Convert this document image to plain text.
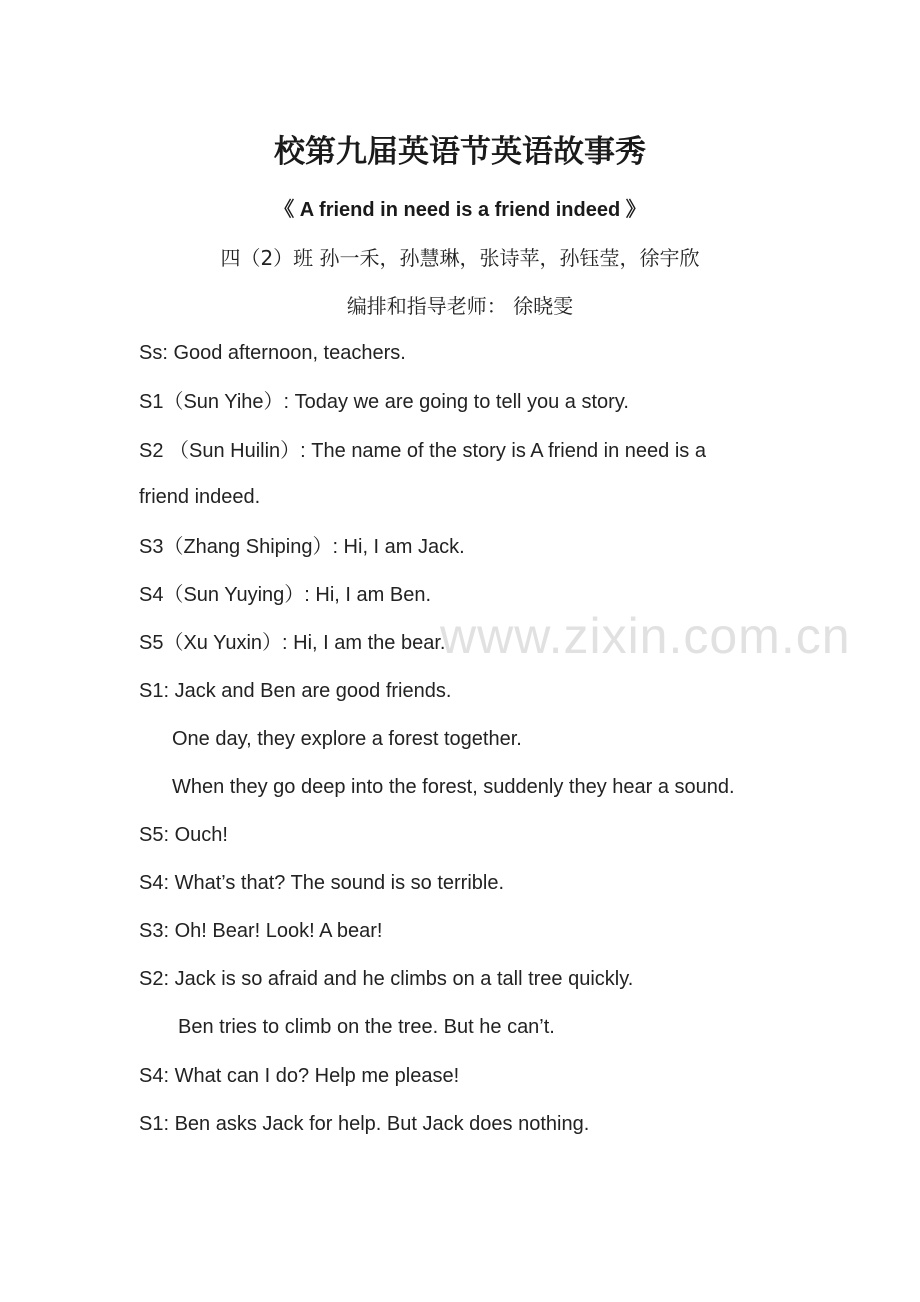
校第九届英语节英语故事秀
《 A friend in need is a friend indeed 》
四（2）班 孙一禾，孙慧琳，张诗苹，孙钰莹，徐宇欣
编排和指导老师： 徐晓雯
Ss: Good afternoon, teachers.
S1（Sun Yihe）: Today we are going to tell you a story.
S2 （Sun Huilin）: The name of the story is A friend in need is a
friend indeed.
S3（Zhang Shiping）: Hi, I am Jack.
S4（Sun Yuying）: Hi, I am Ben.
S5（Xu Yuxin）: Hi, I am the bear.
S1: Jack and Ben are good friends.
One day, they explore a forest together.
When they go deep into the forest, suddenly they hear a sound.
S5: Ouch!
S4: What’s that? The sound is so terrible.
S3: Oh! Bear! Look! A bear!
S2: Jack is so afraid and he climbs on a tall tree quickly.
Ben tries to climb on the tree. But he can’t.
S4: What can I do? Help me please!
S1: Ben asks Jack for help. But Jack does nothing.
www.zixin.com.cn
